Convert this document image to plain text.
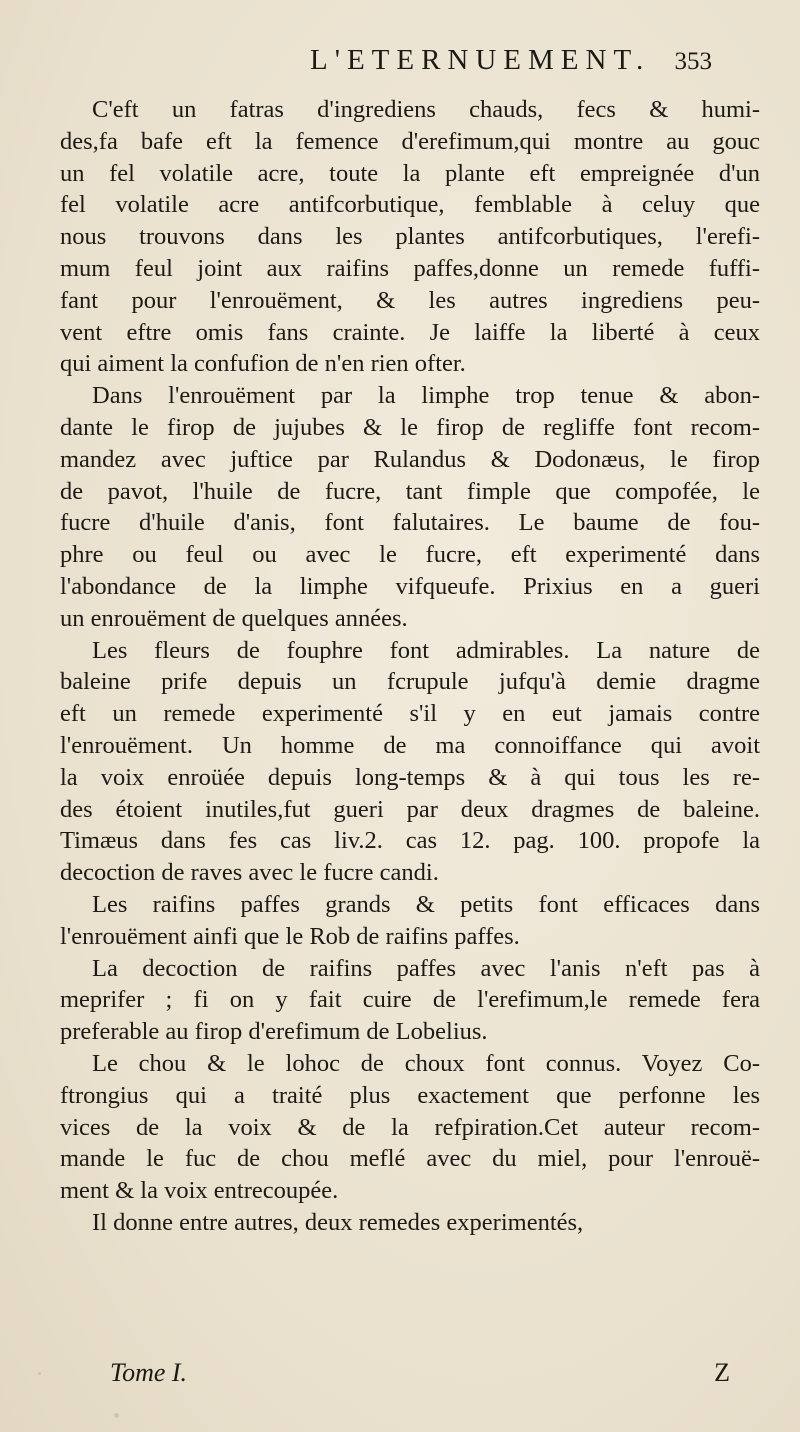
L'ETERNUEMENT. 353
C'eft un fatras d'ingrediens chauds, fecs & humi-
des,fa bafe eft la femence d'erefimum,qui montre au gouc
un fel volatile acre, toute la plante eft empreignée d'un
fel volatile acre antifcorbutique, femblable à celuy que
nous trouvons dans les plantes antifcorbutiques, l'erefi-
mum feul joint aux raifins paffes,donne un remede fuffi-
fant pour l'enrouëment, & les autres ingrediens peu-
vent eftre omis fans crainte. Je laiffe la liberté à ceux
qui aiment la confufion de n'en rien ofter.
Dans l'enrouëment par la limphe trop tenue & abon-
dante le firop de jujubes & le firop de regliffe font recom-
mandez avec juftice par Rulandus & Dodonæus, le firop
de pavot, l'huile de fucre, tant fimple que compofée, le
fucre d'huile d'anis, font falutaires. Le baume de fou-
phre ou feul ou avec le fucre, eft experimenté dans
l'abondance de la limphe vifqueufe. Prixius en a gueri
un enrouëment de quelques années.
Les fleurs de fouphre font admirables. La nature de
baleine prife depuis un fcrupule jufqu'à demie dragme
eft un remede experimenté s'il y en eut jamais contre
l'enrouëment. Un homme de ma connoiffance qui avoit
la voix enroüée depuis long-temps & à qui tous les re-
des étoient inutiles,fut gueri par deux dragmes de baleine.
Timæus dans fes cas liv.2. cas 12. pag. 100. propofe la
decoction de raves avec le fucre candi.
Les raifins paffes grands & petits font efficaces dans
l'enrouëment ainfi que le Rob de raifins paffes.
La decoction de raifins paffes avec l'anis n'eft pas à
meprifer ; fi on y fait cuire de l'erefimum,le remede fera
preferable au firop d'erefimum de Lobelius.
Le chou & le lohoc de choux font connus. Voyez Co-
ftrongius qui a traité plus exactement que perfonne les
vices de la voix & de la refpiration.Cet auteur recom-
mande le fuc de chou meflé avec du miel, pour l'enrouë-
ment & la voix entrecoupée.
Il donne entre autres, deux remedes experimentés,
Tome I.	Z
